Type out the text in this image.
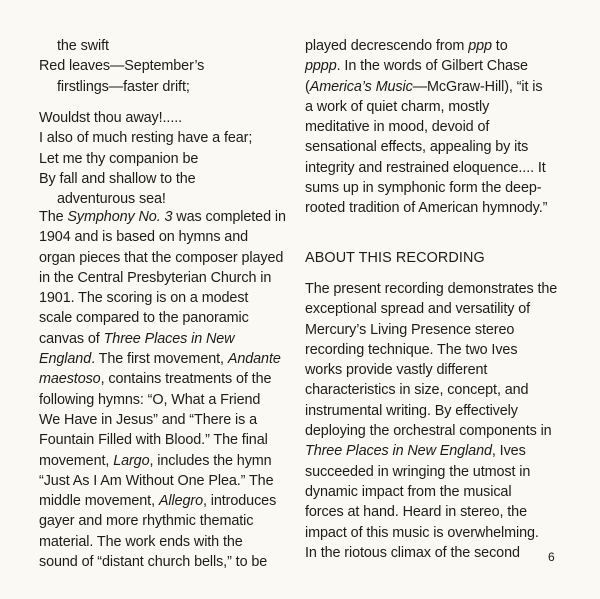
the swift
Red leaves—September’s
firstlings—faster drift;
Wouldst thou away!.....
I also of much resting have a fear;
Let me thy companion be
By fall and shallow to the
adventurous sea!
The Symphony No. 3 was completed in
1904 and is based on hymns and
organ pieces that the composer played
in the Central Presbyterian Church in
1901. The scoring is on a modest
scale compared to the panoramic
canvas of Three Places in New
England. The first movement, Andante
maestoso, contains treatments of the
following hymns: “O, What a Friend
We Have in Jesus” and “There is a
Fountain Filled with Blood.” The final
movement, Largo, includes the hymn
“Just As I Am Without One Plea.” The
middle movement, Allegro, introduces
gayer and more rhythmic thematic
material. The work ends with the
sound of “distant church bells,” to be
played decrescendo from ppp to
pppp. In the words of Gilbert Chase
(America’s Music—McGraw-Hill), “it is
a work of quiet charm, mostly
meditative in mood, devoid of
sensational effects, appealing by its
integrity and restrained eloquence.... It
sums up in symphonic form the deep-
rooted tradition of American hymnody.”
ABOUT THIS RECORDING
The present recording demonstrates the
exceptional spread and versatility of
Mercury’s Living Presence stereo
recording technique. The two Ives
works provide vastly different
characteristics in size, concept, and
instrumental writing. By effectively
deploying the orchestral components in
Three Places in New England, Ives
succeeded in wringing the utmost in
dynamic impact from the musical
forces at hand. Heard in stereo, the
impact of this music is overwhelming.
In the riotous climax of the second	6
